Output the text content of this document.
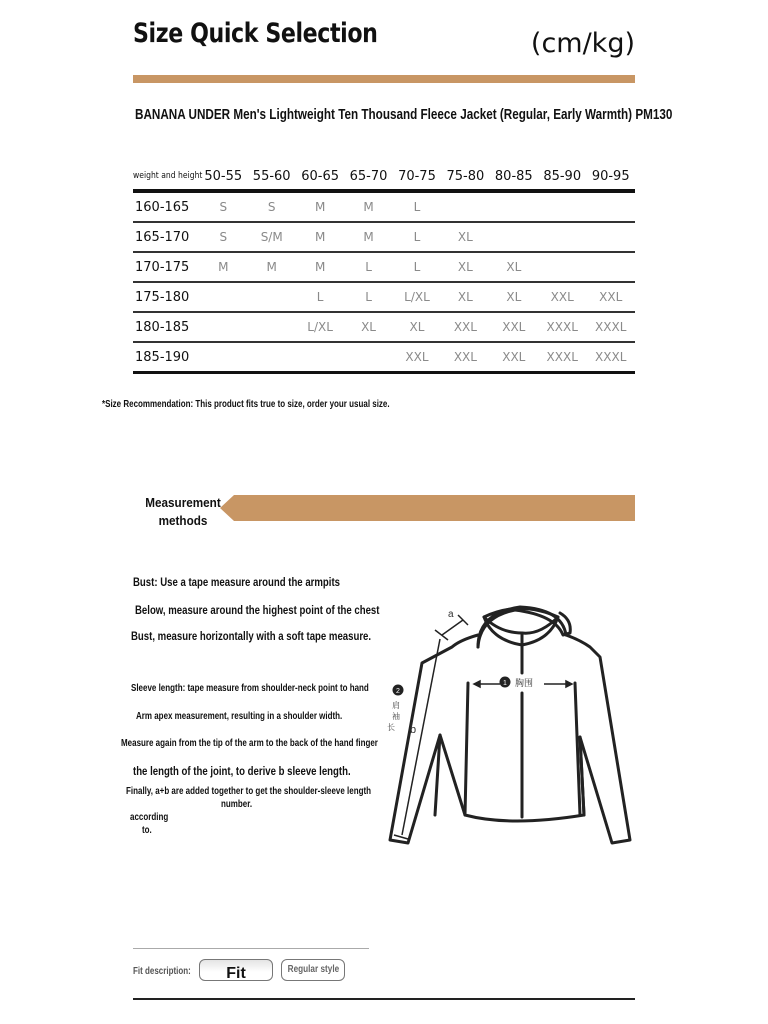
Size Quick Selection	(cm/kg)
BANANA UNDER Men's Lightweight Ten Thousand Fleece Jacket (Regular, Early Warmth) PM130
weight and height	50-55	55-60	60-65	65-70	70-75	75-80	80-85	85-90	90-95
160-165	S	S	M	M	L				
165-170	S	S/M	M	M	L	XL			
170-175	M	M	M	L	L	XL	XL		
175-180			L	L	L/XL	XL	XL	XXL	XXL
180-185			L/XL	XL	XL	XXL	XXL	XXXL	XXXL
185-190					XXL	XXL	XXL	XXXL	XXXL
*Size Recommendation: This product fits true to size, order your usual size.
Measurement
methods
Bust: Use a tape measure around the armpits
Below, measure around the highest point of the chest
Bust, measure horizontally with a soft tape measure.
Sleeve length: tape measure from shoulder-neck point to hand
Arm apex measurement, resulting in a shoulder width.
Measure again from the tip of the arm to the back of the hand finger
the length of the joint, to derive b sleeve length.
Finally, a+b are added together to get the shoulder-sleeve length
number.
according
to.
1 胸围
a
b
2
肩
袖
长
Fit description:	Fit	Regular style
